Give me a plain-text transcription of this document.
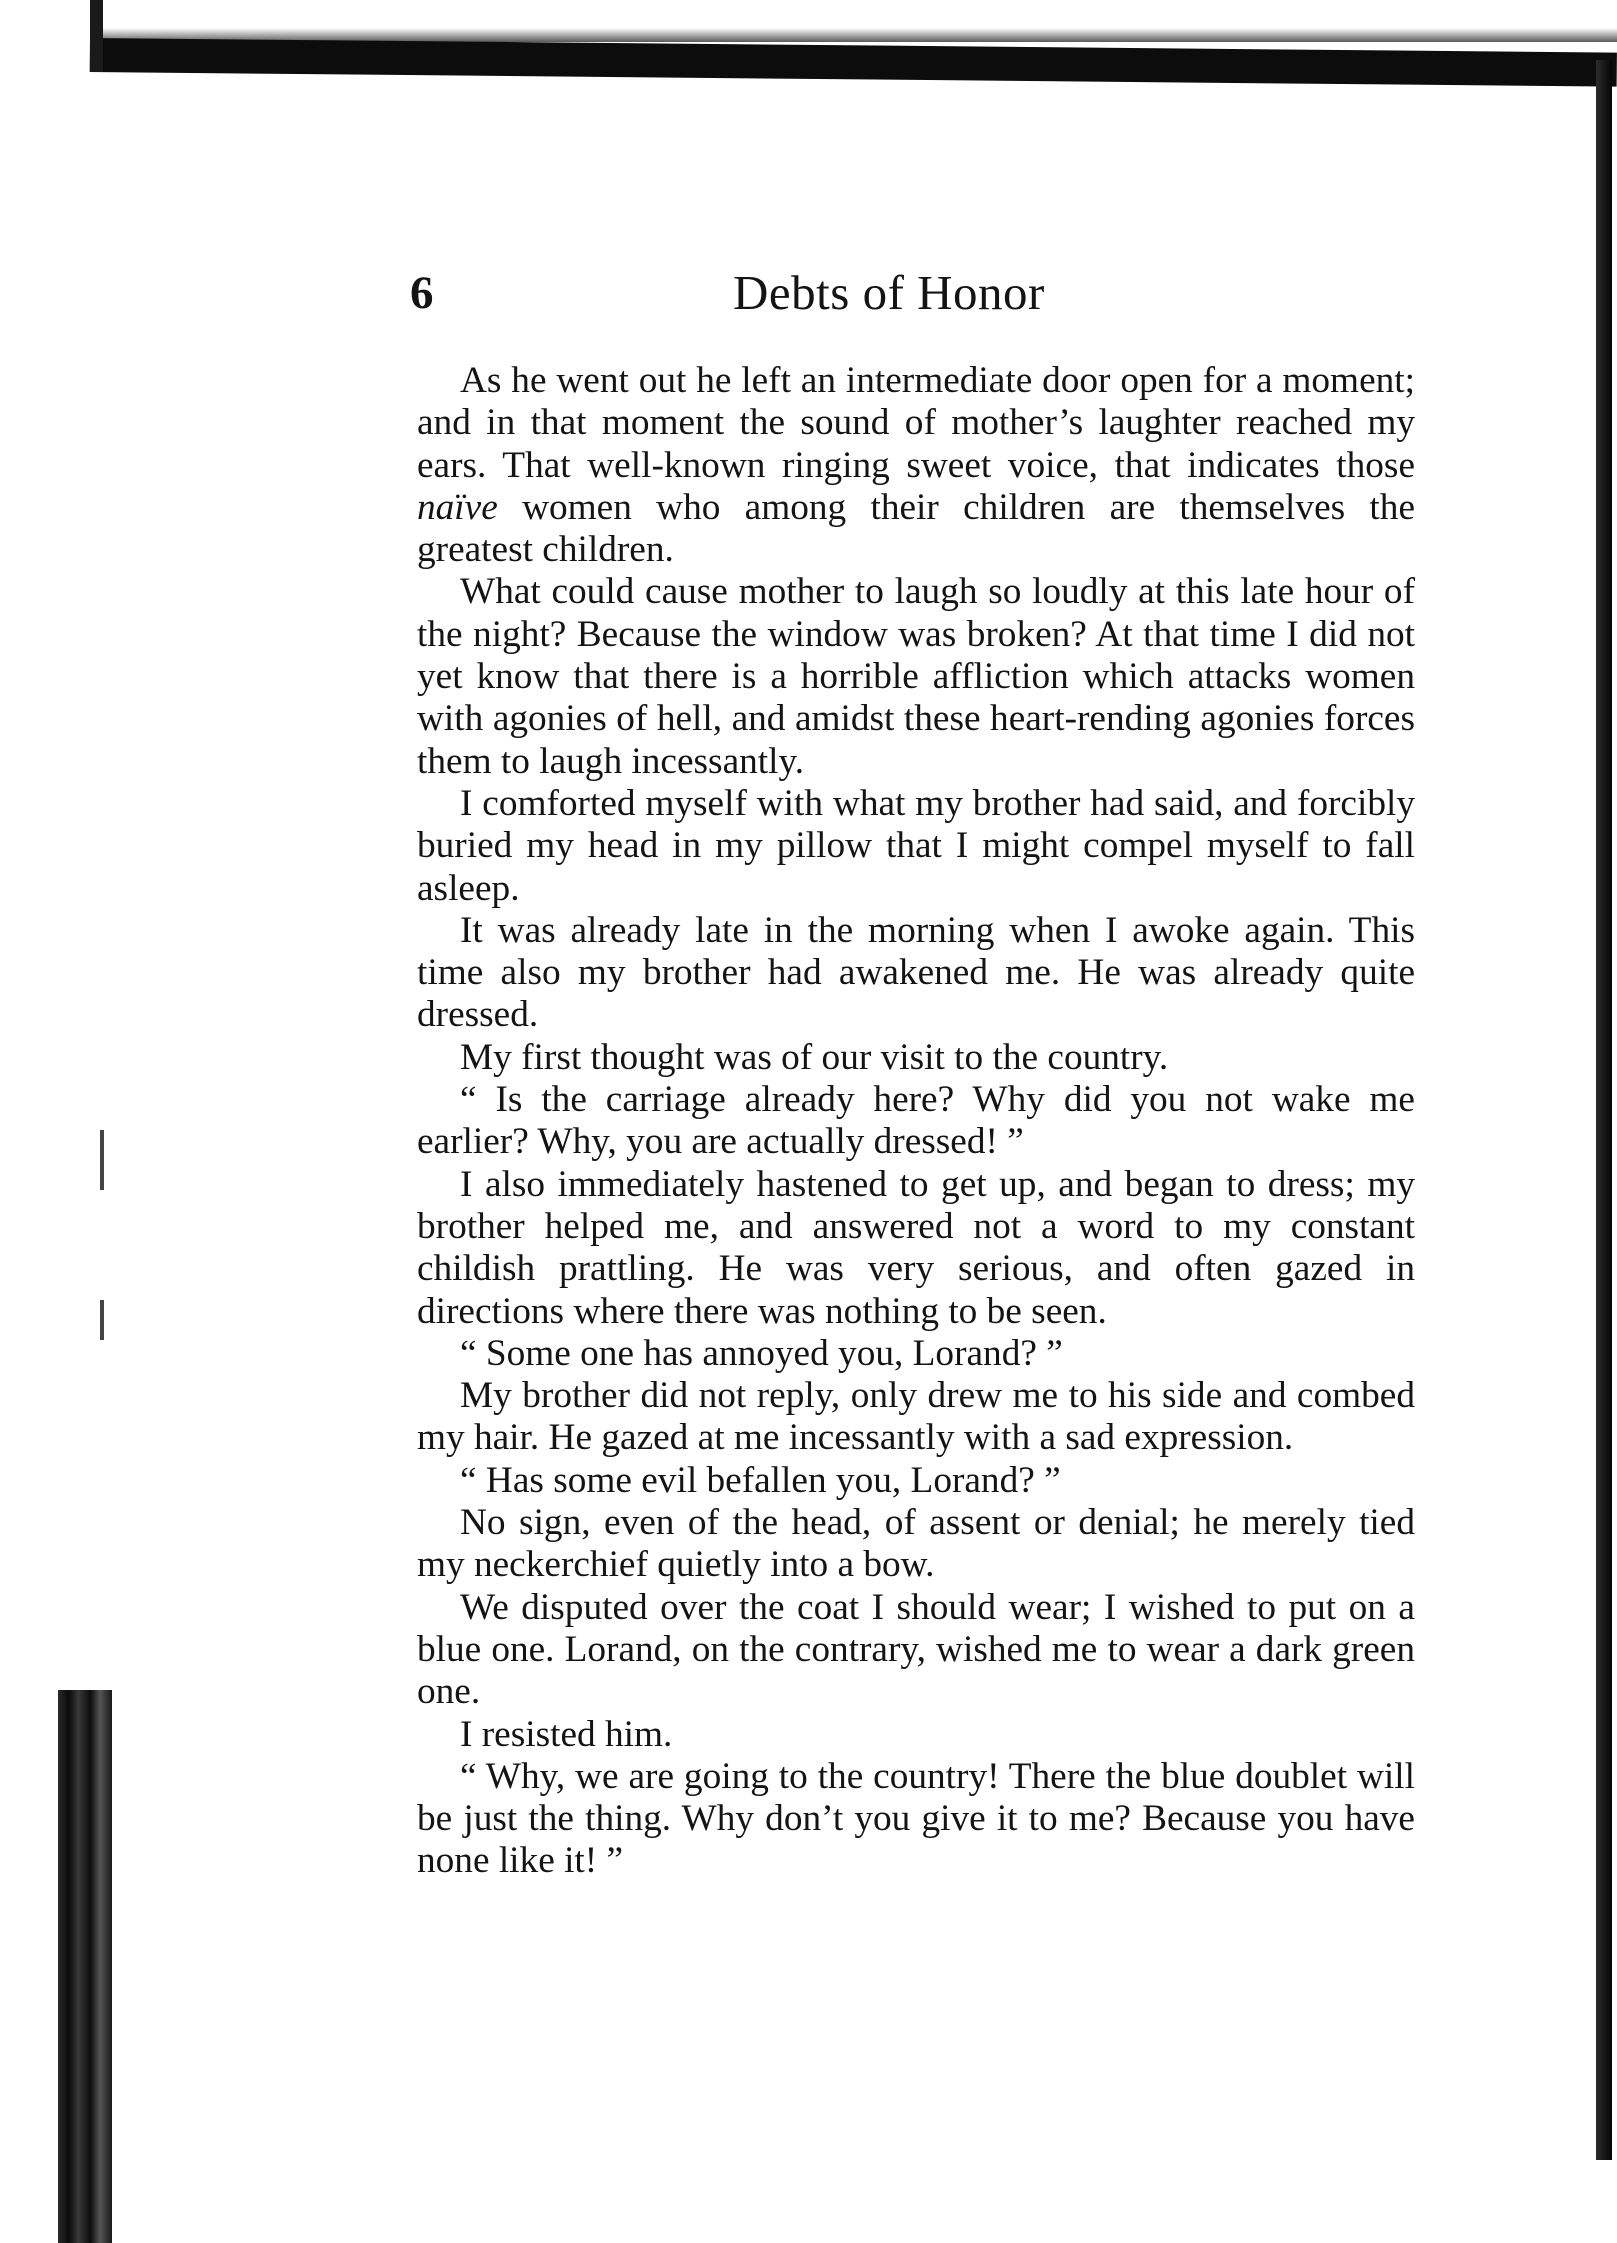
6	Debts of Honor

As he went out he left an intermediate door open for a moment; and in that moment the sound of mother’s laughter reached my ears. That well-known ringing sweet voice, that indicates those naïve women who among their children are themselves the greatest children.

What could cause mother to laugh so loudly at this late hour of the night? Because the window was broken? At that time I did not yet know that there is a horrible affliction which attacks women with agonies of hell, and amidst these heart-rending agonies forces them to laugh incessantly.

I comforted myself with what my brother had said, and forcibly buried my head in my pillow that I might compel myself to fall asleep.

It was already late in the morning when I awoke again. This time also my brother had awakened me. He was already quite dressed.

My first thought was of our visit to the country.

“ Is the carriage already here? Why did you not wake me earlier? Why, you are actually dressed! ”

I also immediately hastened to get up, and began to dress; my brother helped me, and answered not a word to my constant childish prattling. He was very serious, and often gazed in directions where there was nothing to be seen.

“ Some one has annoyed you, Lorand? ”

My brother did not reply, only drew me to his side and combed my hair. He gazed at me incessantly with a sad expression.

“ Has some evil befallen you, Lorand? ”

No sign, even of the head, of assent or denial; he merely tied my neckerchief quietly into a bow.

We disputed over the coat I should wear; I wished to put on a blue one. Lorand, on the contrary, wished me to wear a dark green one.

I resisted him.

“ Why, we are going to the country! There the blue doublet will be just the thing. Why don’t you give it to me? Because you have none like it! ”
